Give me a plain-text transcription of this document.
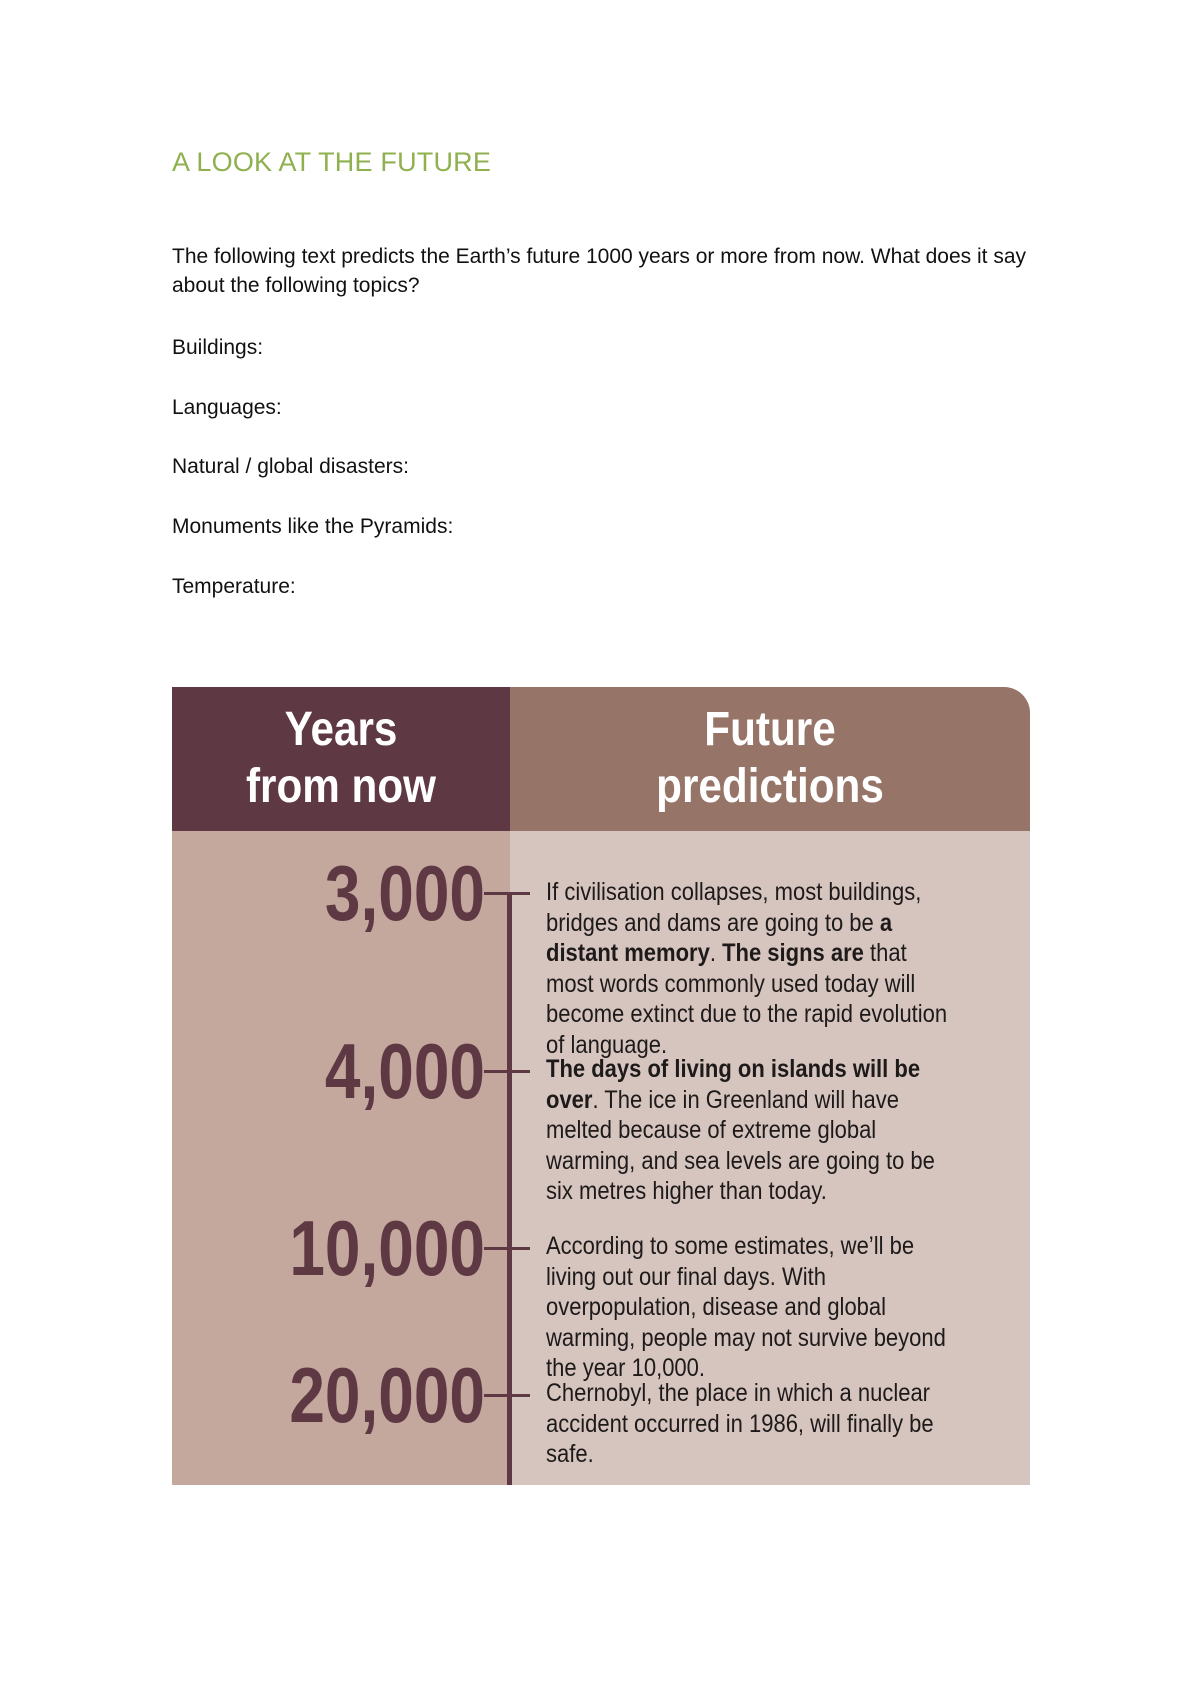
A LOOK AT THE FUTURE
The following text predicts the Earth’s future 1000 years or more from now. What does it say about the following topics?
Buildings:
Languages:
Natural / global disasters:
Monuments like the Pyramids:
Temperature:
Years
from now
Future
predictions
3,000 If civilisation collapses, most buildings, bridges and dams are going to be a distant memory. The signs are that most words commonly used today will become extinct due to the rapid evolution of language.
4,000 The days of living on islands will be over. The ice in Greenland will have melted because of extreme global warming, and sea levels are going to be six metres higher than today.
10,000 According to some estimates, we’ll be living out our final days. With overpopulation, disease and global warming, people may not survive beyond the year 10,000.
20,000 Chernobyl, the place in which a nuclear accident occurred in 1986, will finally be safe.
